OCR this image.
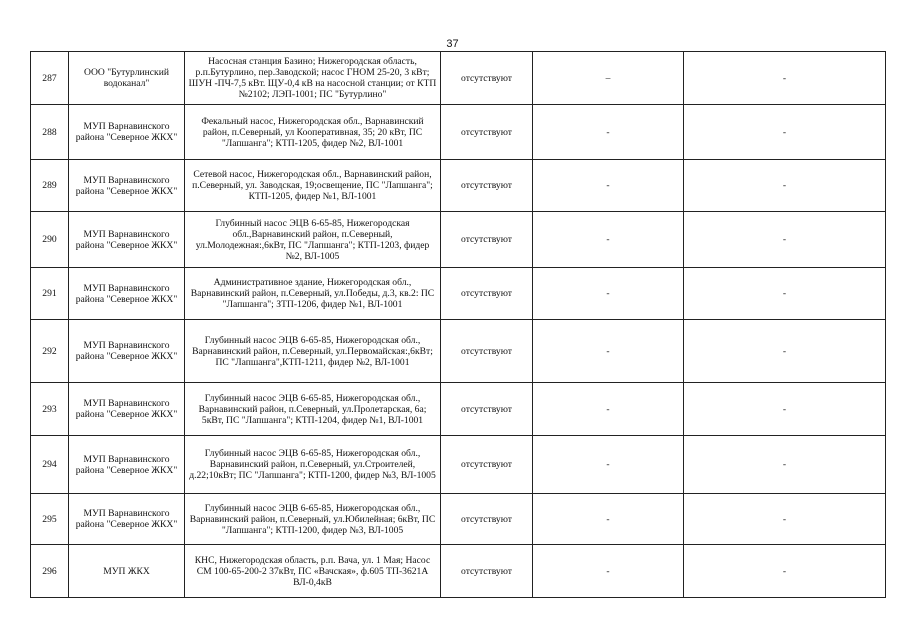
37
287	ООО "Бутурлинский водоканал"	Насосная станция Базино; Нижегородская область, р.п.Бутурлино, пер.Заводской; насос ГНОМ 25-20, 3 кВт; ШУН -ПЧ-7,5 кВт. ЩУ-0,4 кВ на насосной станции; от КТП №2102; ЛЭП-1001; ПС "Бутурлино"	отсутствуют	–	-
288	МУП Варнавинского района "Северное ЖКХ"	Фекальный насос, Нижегородская обл., Варнавинский район, п.Северный, ул Кооперативная, 35; 20 кВт, ПС "Лапшанга"; КТП-1205, фидер №2, ВЛ-1001	отсутствуют	-	-
289	МУП Варнавинского района "Северное ЖКХ"	Сетевой насос, Нижегородская обл., Варнавинский район, п.Северный, ул. Заводская, 19;освещение, ПС "Лапшанга"; КТП-1205, фидер №1, ВЛ-1001	отсутствуют	-	-
290	МУП Варнавинского района "Северное ЖКХ"	Глубинный насос ЭЦВ 6-65-85, Нижегородская обл.,Варнавинский район, п.Северный, ул.Молодежная:,6кВт, ПС "Лапшанга"; КТП-1203, фидер №2, ВЛ-1005	отсутствуют	-	-
291	МУП Варнавинского района "Северное ЖКХ"	Административное здание, Нижегородская обл., Варнавинский район, п.Северный, ул.Победы, д.3, кв.2: ПС "Лапшанга"; ЗТП-1206, фидер №1, ВЛ-1001	отсутствуют	-	-
292	МУП Варнавинского района "Северное ЖКХ"	Глубинный насос ЭЦВ 6-65-85, Нижегородская обл., Варнавинский район, п.Северный, ул.Первомайская:,6кВт; ПС "Лапшанга",КТП-1211, фидер №2, ВЛ-1001	отсутствуют	-	-
293	МУП Варнавинского района "Северное ЖКХ"	Глубинный насос ЭЦВ 6-65-85, Нижегородская обл., Варнавинский район, п.Северный, ул.Пролетарская, 6а; 5кВт, ПС "Лапшанга"; КТП-1204, фидер №1, ВЛ-1001	отсутствуют	-	-
294	МУП Варнавинского района "Северное ЖКХ"	Глубинный насос ЭЦВ 6-65-85, Нижегородская обл., Варнавинский район, п.Северный, ул.Строителей, д.22;10кВт; ПС "Лапшанга"; КТП-1200, фидер №3, ВЛ-1005	отсутствуют	-	-
295	МУП Варнавинского района "Северное ЖКХ"	Глубинный насос ЭЦВ 6-65-85, Нижегородская обл., Варнавинский район, п.Северный, ул.Юбилейная; 6кВт, ПС "Лапшанга"; КТП-1200, фидер №3, ВЛ-1005	отсутствуют	-	-
296	МУП ЖКХ	КНС, Нижегородская область, р.п. Вача, ул. 1 Мая; Насос СМ 100-65-200-2 37кВт, ПС «Вачская», ф.605 ТП-3621А ВЛ-0,4кВ	отсутствуют	-	-
